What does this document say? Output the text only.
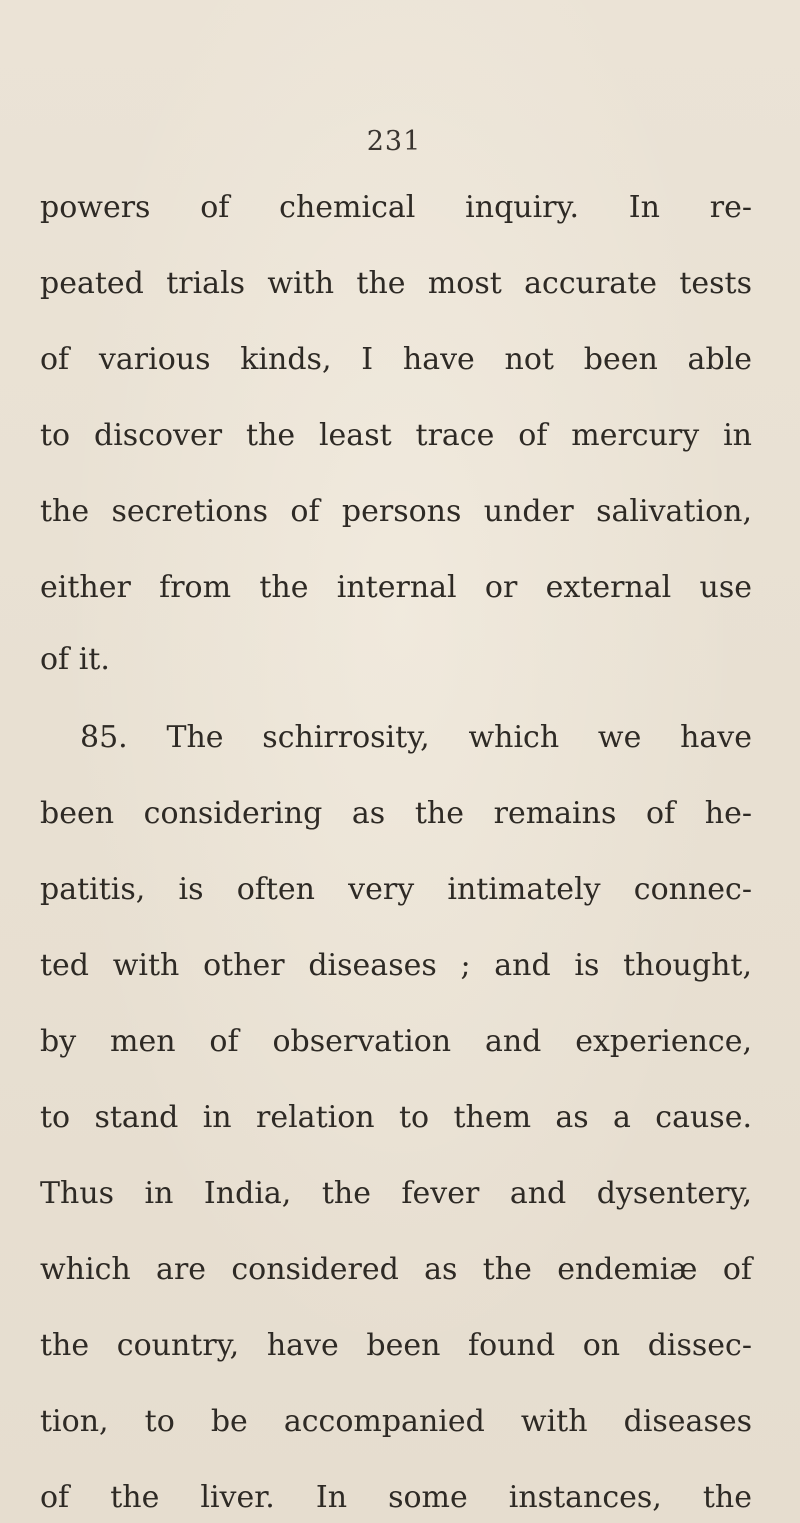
231
powers of chemical inquiry. In re-
peated trials with the most accurate tests
of various kinds, I have not been able
to discover the least trace of mercury in
the secretions of persons under salivation,
either from the internal or external use
of it.
85. The schirrosity, which we have
been considering as the remains of he-
patitis, is often very intimately connec-
ted with other diseases ; and is thought,
by men of observation and experience,
to stand in relation to them as a cause.
Thus in India, the fever and dysentery,
which are considered as the endemiæ of
the country, have been found on dissec-
tion, to be accompanied with diseases
of the liver. In some instances, the
